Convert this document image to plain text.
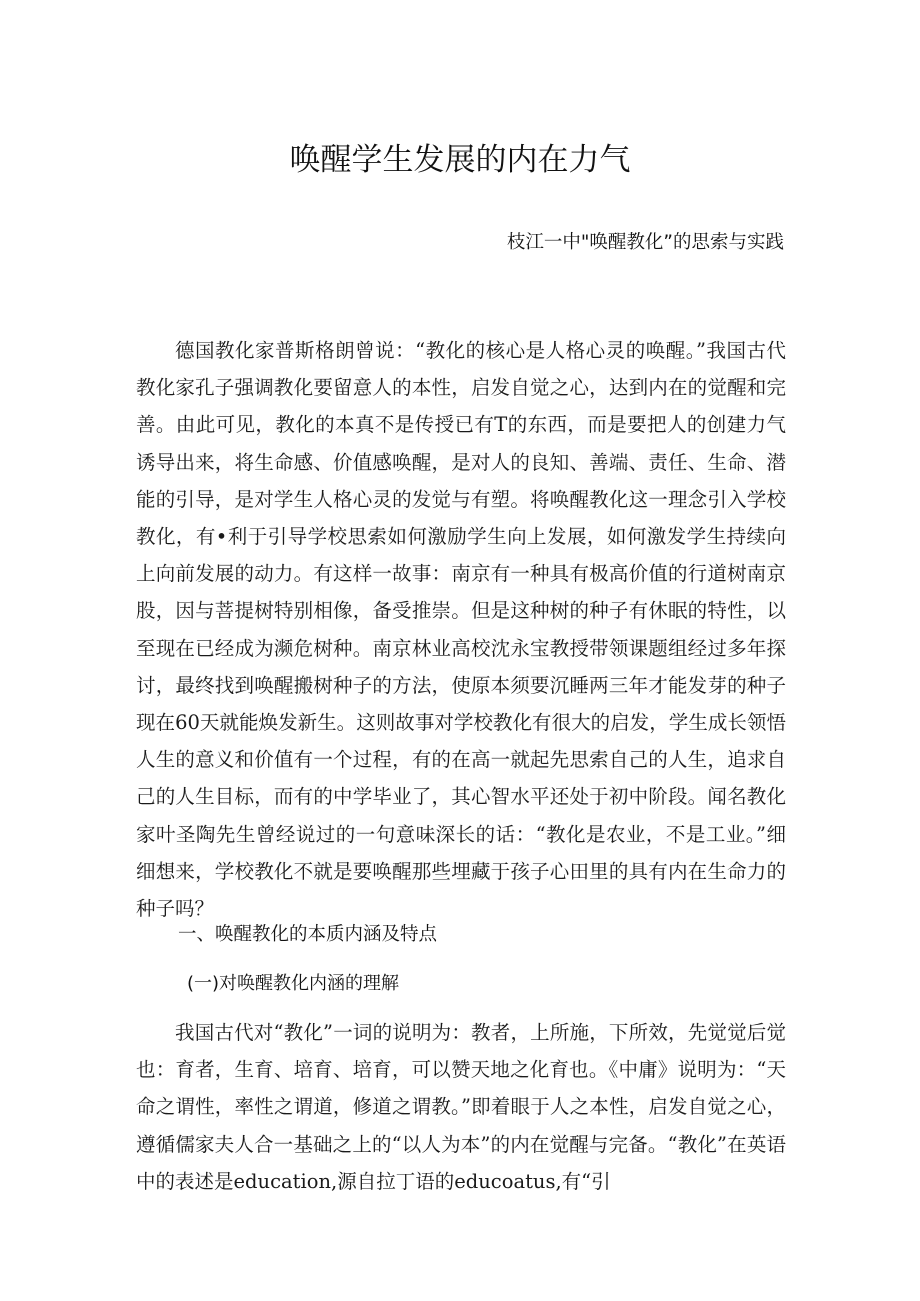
唤醒学生发展的内在力气

枝江一中"唤醒教化”的思索与实践

德国教化家普斯格朗曾说：“教化的核心是人格心灵的唤醒。”我国古代教化家孔子强调教化要留意人的本性，启发自觉之心，达到内在的觉醒和完善。由此可见，教化的本真不是传授已有T的东西，而是要把人的创建力气诱导出来，将生命感、价值感唤醒，是对人的良知、善端、责任、生命、潜能的引导，是对学生人格心灵的发觉与有塑。将唤醒教化这一理念引入学校教化，有•利于引导学校思索如何激励学生向上发展，如何激发学生持续向上向前发展的动力。有这样一故事：南京有一种具有极高价值的行道树南京股，因与菩提树特别相像，备受推崇。但是这种树的种子有休眠的特性，以至现在已经成为濒危树种。南京林业高校沈永宝教授带领课题组经过多年探讨，最终找到唤醒搬树种子的方法，使原本须要沉睡两三年才能发芽的种子现在60天就能焕发新生。这则故事对学校教化有很大的启发，学生成长领悟人生的意义和价值有一个过程，有的在高一就起先思索自己的人生，追求自己的人生目标，而有的中学毕业了，其心智水平还处于初中阶段。闻名教化家叶圣陶先生曾经说过的一句意味深长的话：“教化是农业，不是工业。”细细想来，学校教化不就是要唤醒那些埋藏于孩子心田里的具有内在生命力的种子吗？

一、唤醒教化的本质内涵及特点
(一)对唤醒教化内涵的理解

我国古代对“教化”一词的说明为：教者，上所施，下所效，先觉觉后觉也：育者，生育、培育、培育，可以赞天地之化育也。《中庸》说明为：“天命之谓性，率性之谓道，修道之谓教。”即着眼于人之本性，启发自觉之心，遵循儒家夫人合一基础之上的“以人为本”的内在觉醒与完备。“教化”在英语中的表述是education,源自拉丁语的educoatus,有“引
